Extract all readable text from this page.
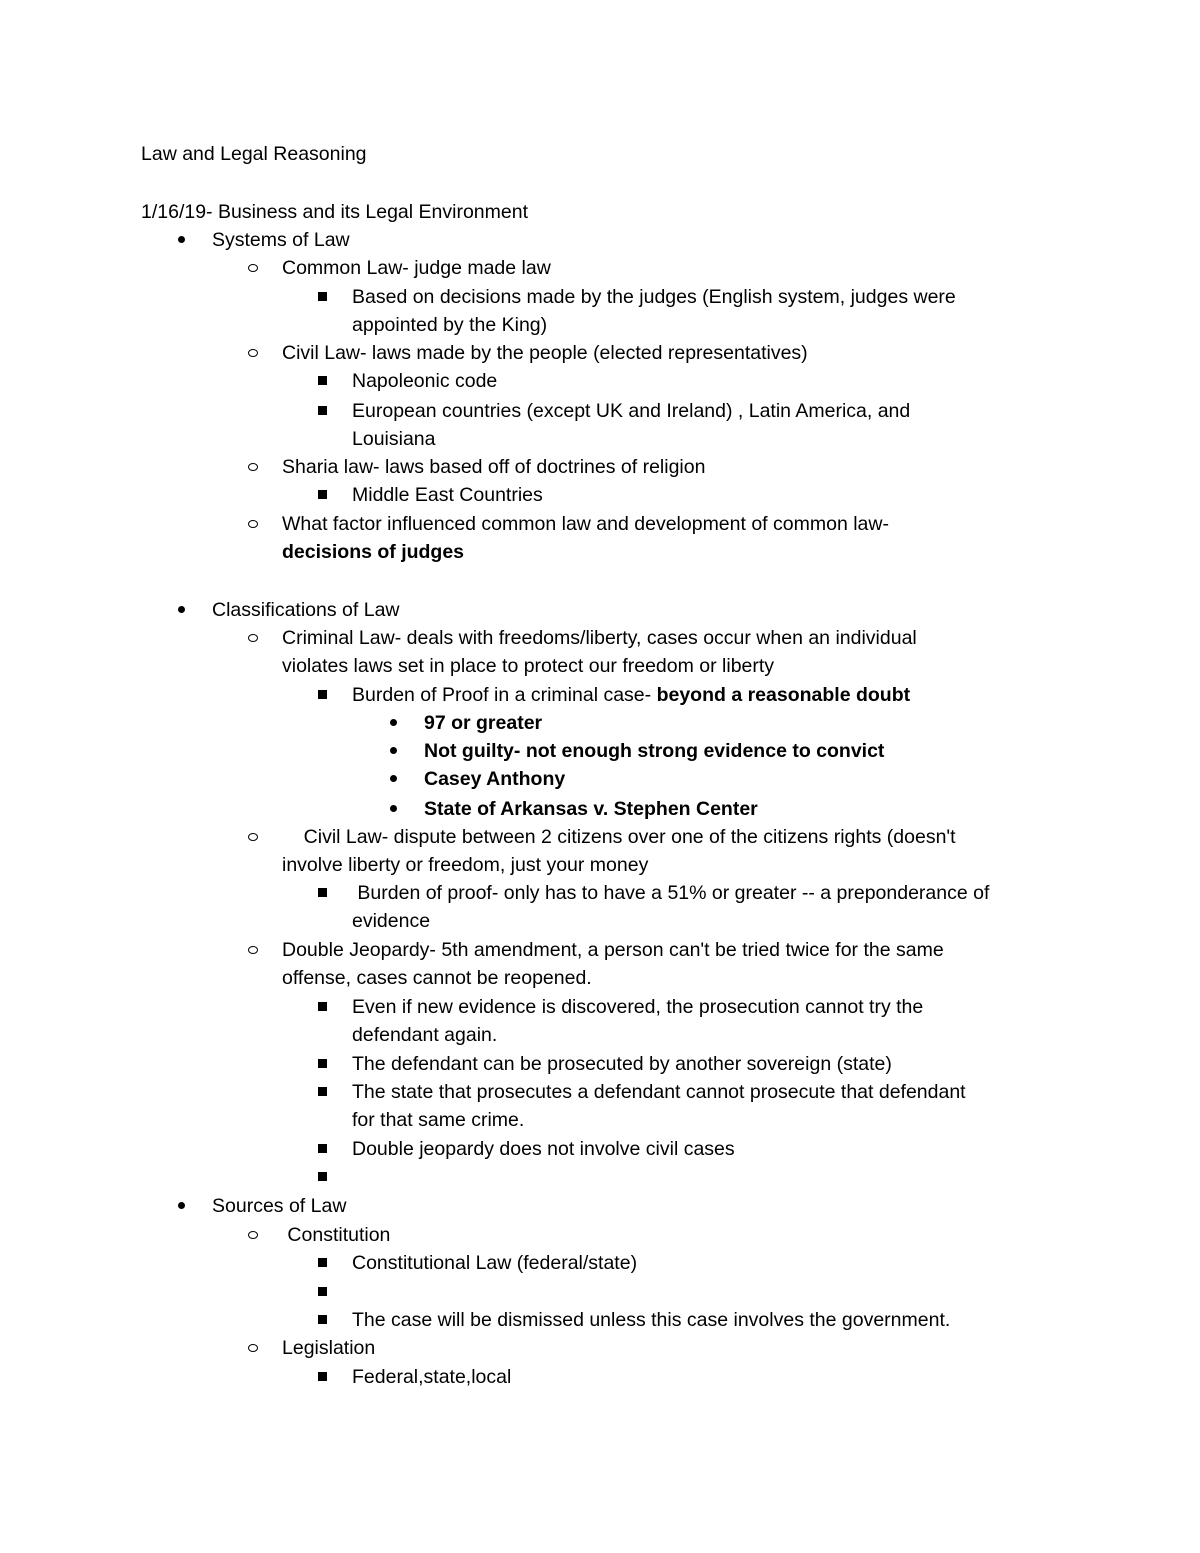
Law and Legal Reasoning
1/16/19- Business and its Legal Environment
Systems of Law
Common Law- judge made law
Based on decisions made by the judges (English system, judges were
appointed by the King)
Civil Law- laws made by the people (elected representatives)
Napoleonic code
European countries (except UK and Ireland) , Latin America, and
Louisiana
Sharia law- laws based off of doctrines of religion
Middle East Countries
What factor influenced common law and development of common law-
decisions of judges
Classifications of Law
Criminal Law- deals with freedoms/liberty, cases occur when an individual
violates laws set in place to protect our freedom or liberty
Burden of Proof in a criminal case- beyond a reasonable doubt
97 or greater
Not guilty- not enough strong evidence to convict
Casey Anthony
State of Arkansas v. Stephen Center
Civil Law- dispute between 2 citizens over one of the citizens rights (doesn't
involve liberty or freedom, just your money
Burden of proof- only has to have a 51% or greater -- a preponderance of
evidence
Double Jeopardy- 5th amendment, a person can't be tried twice for the same
offense, cases cannot be reopened.
Even if new evidence is discovered, the prosecution cannot try the
defendant again.
The defendant can be prosecuted by another sovereign (state)
The state that prosecutes a defendant cannot prosecute that defendant
for that same crime.
Double jeopardy does not involve civil cases
Sources of Law
Constitution
Constitutional Law (federal/state)
The case will be dismissed unless this case involves the government.
Legislation
Federal,state,local
